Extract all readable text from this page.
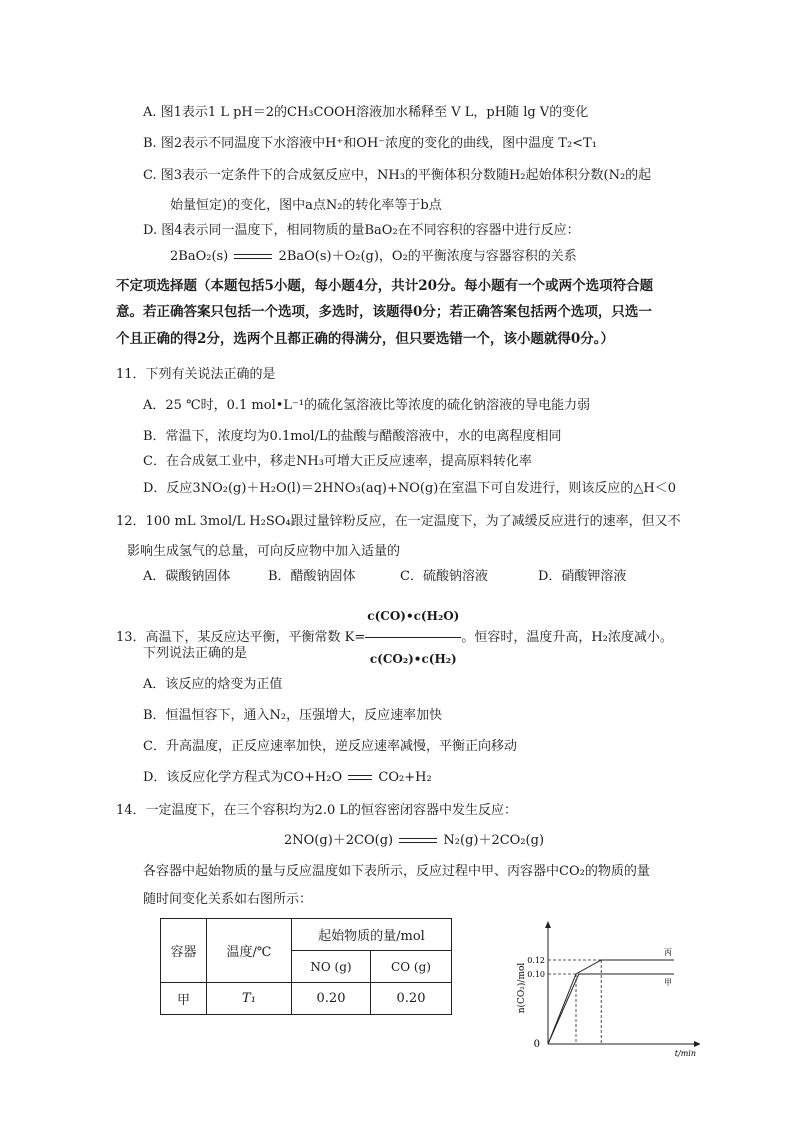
A. 图1表示1 L pH＝2的CH₃COOH溶液加水稀释至 V L，pH随 lg V的变化
B. 图2表示不同温度下水溶液中H⁺和OH⁻浓度的变化的曲线，图中温度 T₂<T₁
C. 图3表示一定条件下的合成氨反应中，NH₃的平衡体积分数随H₂起始体积分数(N₂的起
始量恒定)的变化，图中a点N₂的转化率等于b点
D. 图4表示同一温度下，相同物质的量BaO₂在不同容积的容器中进行反应：
2BaO₂(s)	2BaO(s)＋O₂(g)，O₂的平衡浓度与容器容积的关系
不定项选择题（本题包括5小题，每小题4分，共计20分。每小题有一个或两个选项符合题
意。若正确答案只包括一个选项，多选时，该题得0分；若正确答案包括两个选项，只选一
个且正确的得2分，选两个且都正确的得满分，但只要选错一个，该小题就得0分。）
11．下列有关说法正确的是
A．25 ℃时，0.1 mol•L⁻¹的硫化氢溶液比等浓度的硫化钠溶液的导电能力弱
B．常温下，浓度均为0.1mol/L的盐酸与醋酸溶液中，水的电离程度相同
C．在合成氨工业中，移走NH₃可增大正反应速率，提高原料转化率
D．反应3NO₂(g)＋H₂O(l)＝2HNO₃(aq)+NO(g)在室温下可自发进行，则该反应的△H＜0
12．100 mL 3mol/L H₂SO₄跟过量锌粉反应，在一定温度下，为了减缓反应进行的速率，但又不
影响生成氢气的总量，可向反应物中加入适量的
A．碳酸钠固体	B．醋酸钠固体	C．硫酸钠溶液	D．硝酸钾溶液
13．高温下，某反应达平衡，平衡常数 $K= \frac{\text{c(CO)•c(H₂O)}}{\text{c(CO₂)•c(H₂)}}$ 。恒容时，温度升高，H₂浓度减小。
下列说法正确的是
A．该反应的焓变为正值
B．恒温恒容下，通入N₂，压强增大，反应速率加快
C．升高温度，正反应速率加快，逆反应速率减慢，平衡正向移动
D．该反应化学方程式为CO+H₂O	CO₂+H₂
14．一定温度下，在三个容积均为2.0 L的恒容密闭容器中发生反应：
2NO(g)＋2CO(g)	N₂(g)＋2CO₂(g)
各容器中起始物质的量与反应温度如下表所示，反应过程中甲、丙容器中CO₂的物质的量
随时间变化关系如右图所示：
容器	温度/℃	起始物质的量/mol	
		NO (g)	CO (g)
甲	T₁	0.20	0.20
0
t/min
n(CO₂)/mol
0.12
0.10
丙
甲
